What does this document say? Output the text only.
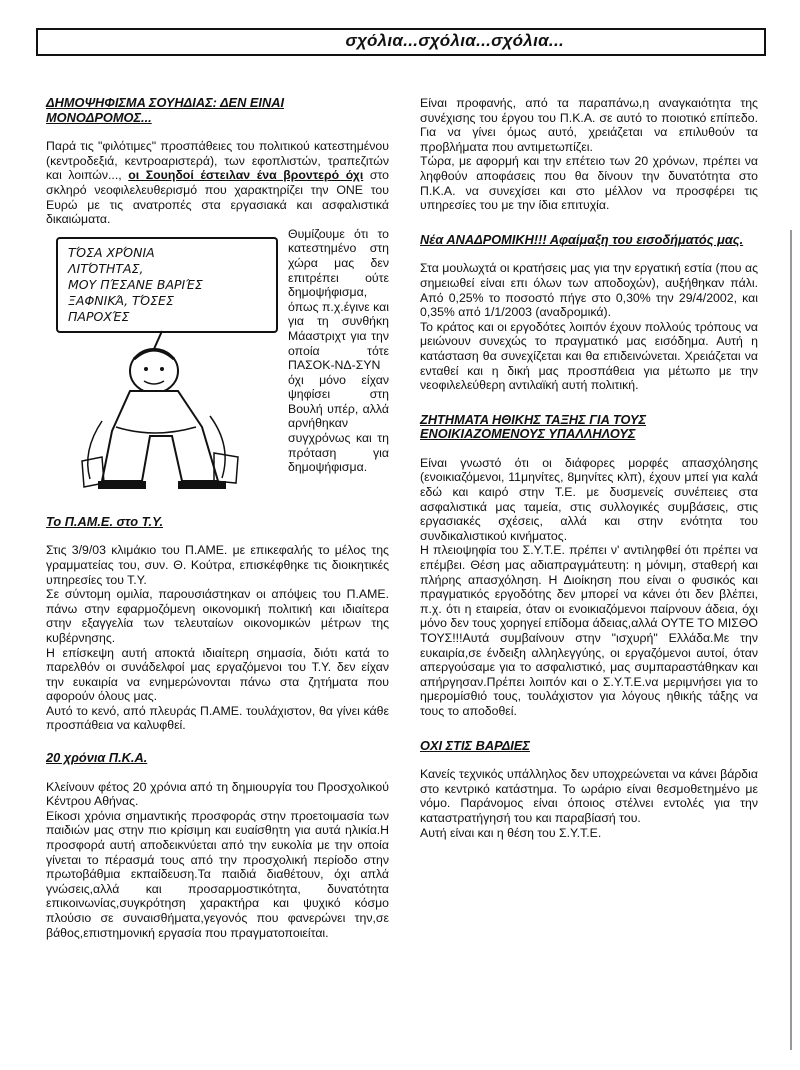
σχόλια...σχόλια...σχόλια...
ΔΗΜΟΨΗΦΙΣΜΑ ΣΟΥΗΔΙΑΣ: ΔΕΝ ΕΙΝΑΙ ΜΟΝΟΔΡΟΜΟΣ...

Παρά τις "φιλότιμες" προσπάθειες του πολιτικού κατεστημένου (κεντροδεξιά, κεντροαριστερά), των εφοπλιστών, τραπεζιτών και λοιπών..., οι Σουηδοί έστειλαν ένα βροντερό όχι στο σκληρό νεοφιλελευθερισμό που χαρακτηρίζει την ΟΝΕ του Ευρώ με τις ανατροπές στα εργασιακά και ασφαλιστικά δικαιώματα.

ΤΌΣΑ ΧΡΌΝΙΑ
ΛΙΤΌΤΗΤΑΣ,
ΜΟΥ ΠΈΣΑΝΕ ΒΑΡΙΈΣ
ΞΑΦΝΙΚΆ, ΤΌΣΕΣ
ΠΑΡΟΧΈΣ

Θυμίζουμε ότι το κατεστημένο στη χώρα μας δεν επιτρέπει ούτε δημοψήφισμα, όπως π.χ.έγινε και για τη συνθήκη Μάαστριχτ για την οποία τότε ΠΑΣΟΚ-ΝΔ-ΣΥΝ όχι μόνο είχαν ψηφίσει στη Βουλή υπέρ, αλλά αρνήθηκαν συγχρόνως και τη πρόταση για δημοψήφισμα.

Το Π.ΑΜ.Ε. στο Τ.Υ.

Στις 3/9/03 κλιμάκιο του Π.ΑΜΕ. με επικεφαλής το μέλος της γραμματείας του, συν. Θ. Κούτρα, επισκέφθηκε τις διοικητικές υπηρεσίες του Τ.Υ.

Σε σύντομη ομιλία, παρουσιάστηκαν οι απόψεις του Π.ΑΜΕ. πάνω στην εφαρμοζόμενη οικονομική πολιτική και ιδιαίτερα στην εξαγγελία των τελευταίων οικονομικών μέτρων της κυβέρνησης.

Η επίσκεψη αυτή αποκτά ιδιαίτερη σημασία, διότι κατά το παρελθόν οι συνάδελφοί μας εργαζόμενοι του Τ.Υ. δεν είχαν την ευκαιρία να ενημερώνονται πάνω στα ζητήματα που αφορούν όλους μας.

Αυτό το κενό, από πλευράς Π.ΑΜΕ. τουλάχιστον, θα γίνει κάθε προσπάθεια να καλυφθεί.

20 χρόνια Π.Κ.Α.

Κλείνουν φέτος 20 χρόνια από τη δημιουργία του Προσχολικού Κέντρου Αθήνας.

Είκοσι χρόνια σημαντικής προσφοράς στην προετοιμασία των παιδιών μας στην πιο κρίσιμη και ευαίσθητη για αυτά ηλικία.Η προσφορά αυτή αποδεικνύεται από την ευκολία με την οποία γίνεται το πέρασμά τους από την προσχολική περίοδο στην πρωτοβάθμια εκπαίδευση.Τα παιδιά διαθέτουν, όχι απλά γνώσεις,αλλά και προσαρμοστικότητα, δυνατότητα επικοινωνίας,συγκρότηση χαρακτήρα και ψυχικό κόσμο πλούσιο σε συναισθήματα,γεγονός που φανερώνει την,σε βάθος,επιστημονική εργασία που πραγματοποιείται.

Είναι προφανής, από τα παραπάνω,η αναγκαιότητα της συνέχισης του έργου του Π.Κ.Α. σε αυτό το ποιοτικό επίπεδο. Για να γίνει όμως αυτό, χρειάζεται να επιλυθούν τα προβλήματα που αντιμετωπίζει.

Τώρα, με αφορμή και την επέτειο των 20 χρόνων, πρέπει να ληφθούν αποφάσεις που θα δίνουν την δυνατότητα στο Π.Κ.Α. να συνεχίσει και στο μέλλον να προσφέρει τις υπηρεσίες του με την ίδια επιτυχία.

Νέα ΑΝΑΔΡΟΜΙΚΗ!!! Αφαίμαξη του εισοδήματός μας.

Στα μουλωχτά οι κρατήσεις μας για την εργατική εστία (που ας σημειωθεί είναι επι όλων των αποδοχών), αυξήθηκαν πάλι. Από 0,25% το ποσοστό πήγε στο 0,30% την 29/4/2002, και 0,35% από 1/1/2003 (αναδρομικά).

Το κράτος και οι εργοδότες λοιπόν έχουν πολλούς τρόπους να μειώνουν συνεχώς το πραγματικό μας εισόδημα. Αυτή η κατάσταση θα συνεχίζεται και θα επιδεινώνεται. Χρειάζεται να ενταθεί και η δική μας προσπάθεια για μέτωπο με την νεοφιλελεύθερη αντιλαϊκή αυτή πολιτική.

ΖΗΤΗΜΑΤΑ ΗΘΙΚΗΣ ΤΑΞΗΣ ΓΙΑ ΤΟΥΣ ΕΝΟΙΚΙΑΖΟΜΕΝΟΥΣ ΥΠΑΛΛΗΛΟΥΣ

Είναι γνωστό ότι οι διάφορες μορφές απασχόλησης (ενοικιαζόμενοι, 11μηνίτες, 8μηνίτες κλπ), έχουν μπεί για καλά εδώ και καιρό στην Τ.Ε. με δυσμενείς συνέπειες στα ασφαλιστικά μας ταμεία, στις συλλογικές συμβάσεις, στις εργασιακές σχέσεις, αλλά και στην ενότητα του συνδικαλιστικού κινήματος.

Η πλειοψηφία του Σ.Υ.Τ.Ε. πρέπει ν' αντιληφθεί ότι πρέπει να επέμβει. Θέση μας αδιαπραγμάτευτη: η μόνιμη, σταθερή και πλήρης απασχόληση. Η Διοίκηση που είναι ο φυσικός και πραγματικός εργοδότης δεν μπορεί να κάνει ότι δεν βλέπει, π.χ. ότι η εταιρεία, όταν οι ενοικιαζόμενοι παίρνουν άδεια, όχι μόνο δεν τους χορηγεί επίδομα άδειας,αλλά ΟΥΤΕ ΤΟ ΜΙΣΘΟ ΤΟΥΣ!!!Αυτά συμβαίνουν στην "ισχυρή" Ελλάδα.Με την ευκαιρία,σε ένδειξη αλληλεγγύης, οι εργαζόμενοι αυτοί, όταν απεργούσαμε για το ασφαλιστικό, μας συμπαραστάθηκαν και απήργησαν.Πρέπει λοιπόν και ο Σ.Υ.Τ.Ε.να μεριμνήσει για το ημερομίσθιό τους, τουλάχιστον για λόγους ηθικής τάξης να τους το αποδοθεί.

ΟΧΙ ΣΤΙΣ ΒΑΡΔΙΕΣ

Κανείς τεχνικός υπάλληλος δεν υποχρεώνεται να κάνει βάρδια στο κεντρικό κατάστημα. Το ωράριο είναι θεσμοθετημένο με νόμο. Παράνομος είναι όποιος στέλνει εντολές για την καταστρατήγησή του και παραβίασή του.

Αυτή είναι και η θέση του Σ.Υ.Τ.Ε.
